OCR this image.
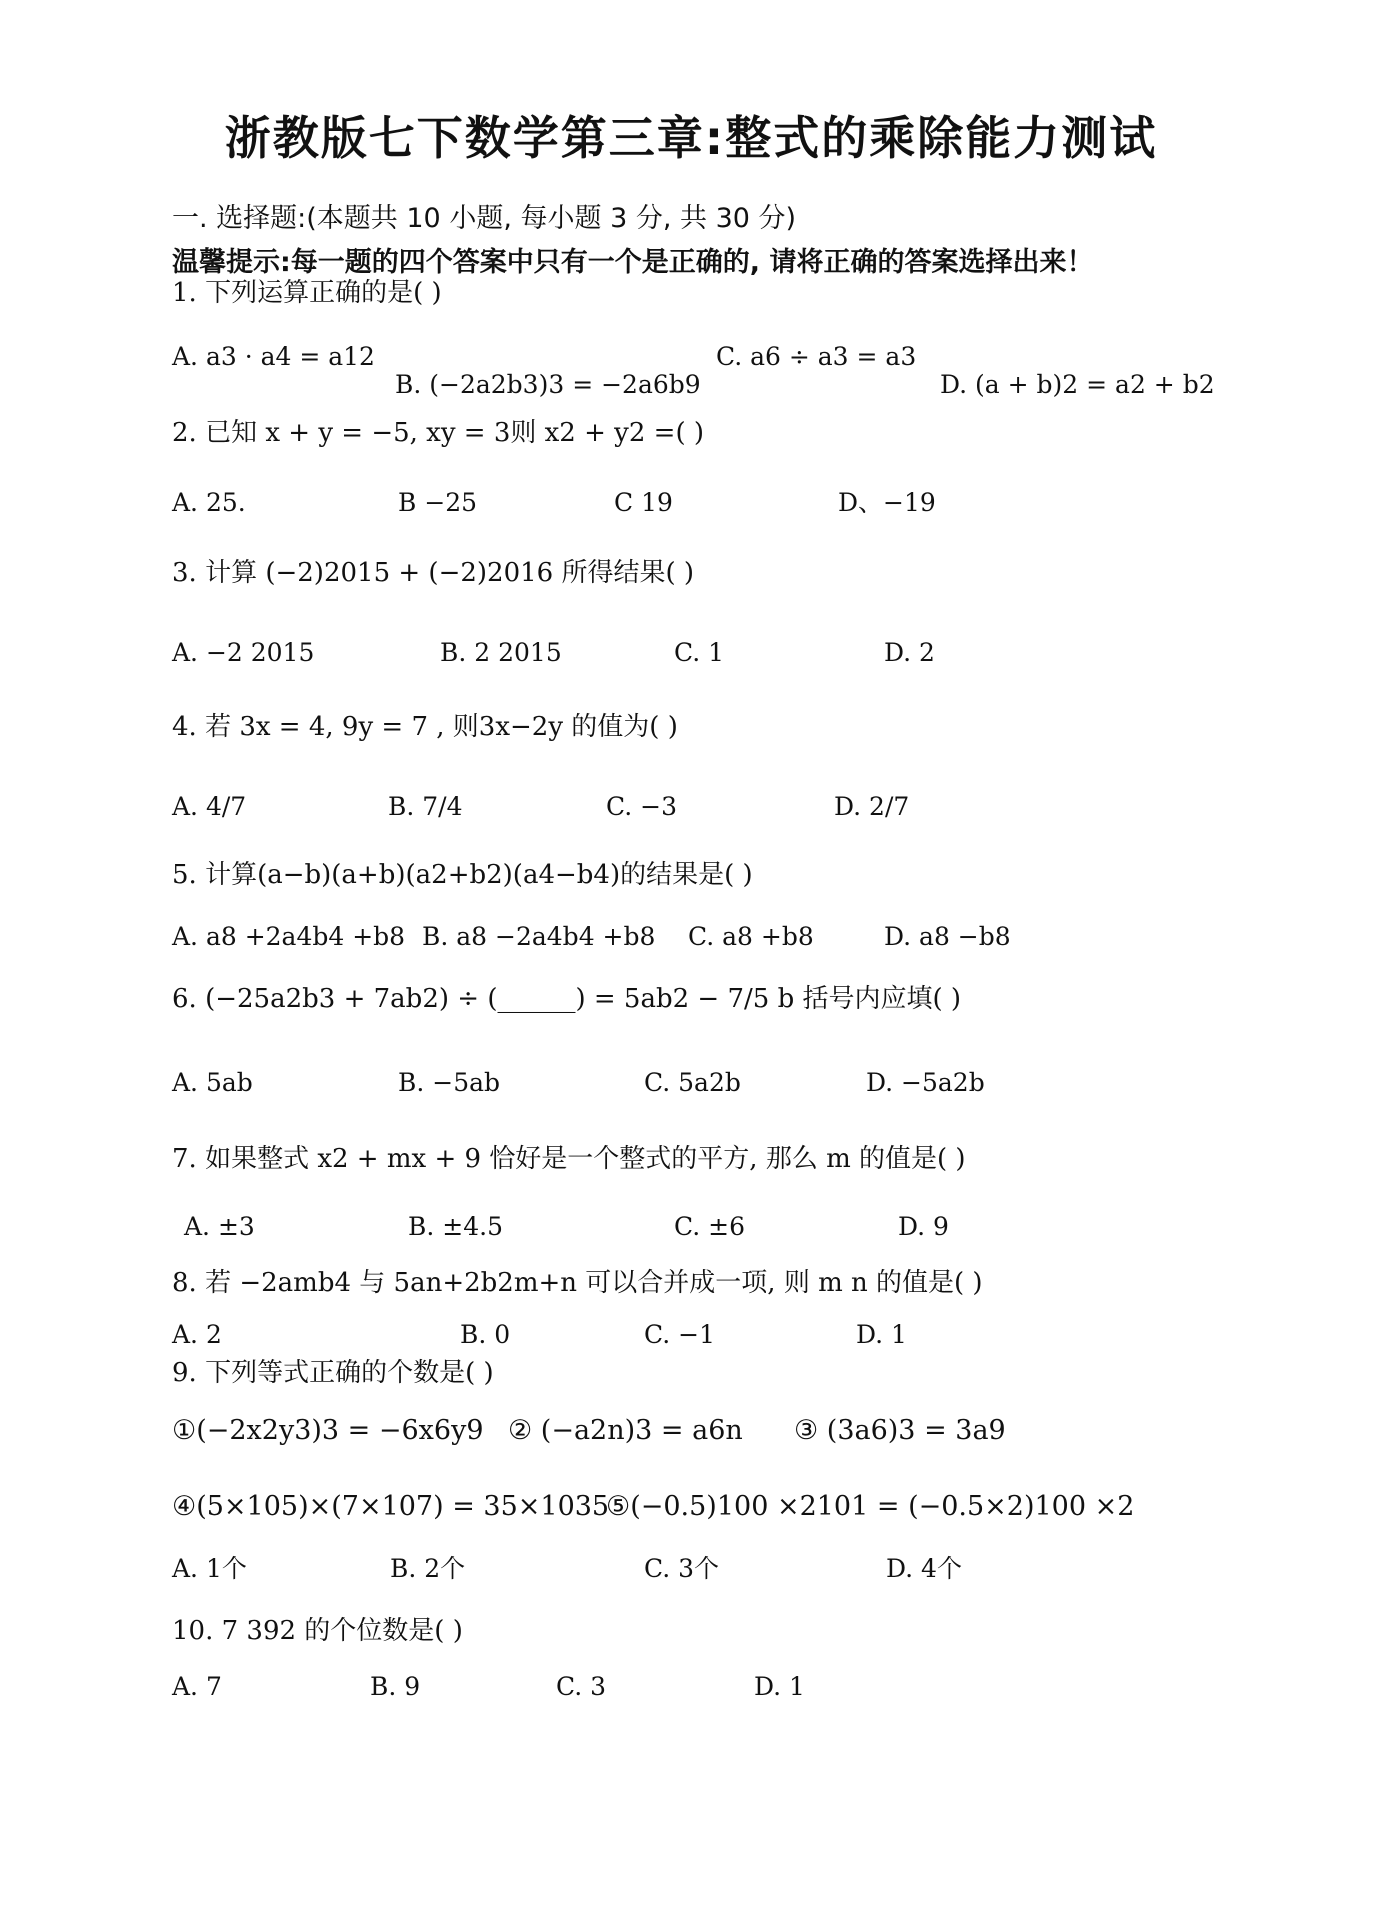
浙教版七下数学第三章:整式的乘除能力测试
一. 选择题:(本题共 10 小题, 每小题 3 分, 共 30 分)
温馨提示:每一题的四个答案中只有一个是正确的, 请将正确的答案选择出来！
1. 下列运算正确的是( )
A. a3 · a4 = a12
B. (−2a2b3)3 = −2a6b9
C. a6 ÷ a3 = a3
D. (a + b)2 = a2 + b2
2. 已知 x + y = −5, xy = 3则 x2 + y2 =( )
A. 25.	B −25	C 19	D、−19
3. 计算 (−2)2015 + (−2)2016 所得结果( )
A. −2 2015	B. 2 2015	C. 1	D. 2
4. 若 3x = 4, 9y = 7 , 则3x−2y 的值为( )
A. 4/7	B. 7/4	C. −3	D. 2/7
5. 计算(a−b)(a+b)(a2+b2)(a4−b4)的结果是( )
A. a8 +2a4b4 +b8 B. a8 −2a4b4 +b8 C. a8 +b8	D. a8 −b8
6. (−25a2b3 + 7ab2) ÷ (______) = 5ab2 − 7/5 b 括号内应填( )
A. 5ab	B. −5ab	C. 5a2b	D. −5a2b
7. 如果整式 x2 + mx + 9 恰好是一个整式的平方, 那么 m 的值是( )
A. ±3	B. ±4.5	C. ±6	D. 9
8. 若 −2amb4 与 5an+2b2m+n 可以合并成一项, 则 m n 的值是( )
A. 2	B. 0	C. −1	D. 1
9. 下列等式正确的个数是( )
①(−2x2y3)3 = −6x6y9 ② (−a2n)3 = a6n ③ (3a6)3 = 3a9
④(5×105)×(7×107) = 35×1035
⑤(−0.5)100 ×2101 = (−0.5×2)100 ×2
A. 1个	B. 2个	C. 3个	D. 4个
10. 7 392 的个位数是( )
A. 7	B. 9	C. 3	D. 1
